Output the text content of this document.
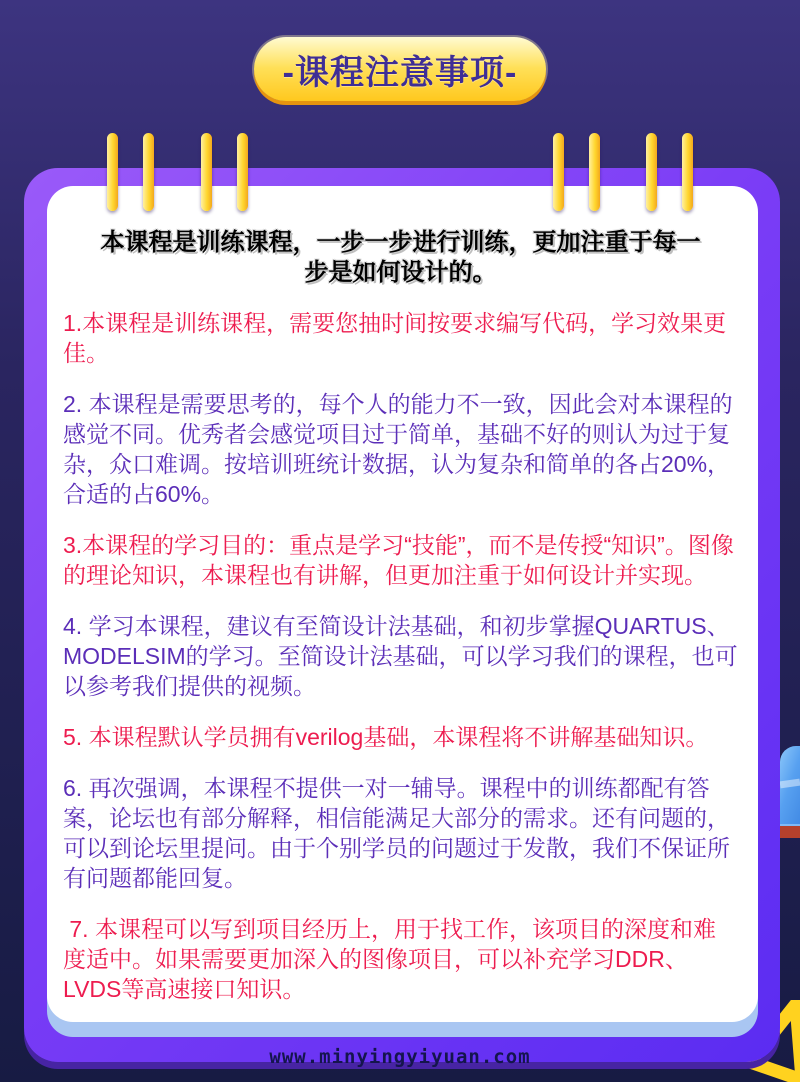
-课程注意事项-
本课程是训练课程，一步一步进行训练，更加注重于每一步是如何设计的。
1.本课程是训练课程，需要您抽时间按要求编写代码，学习效果更佳。
2. 本课程是需要思考的，每个人的能力不一致，因此会对本课程的感觉不同。优秀者会感觉项目过于简单，基础不好的则认为过于复杂，众口难调。按培训班统计数据，认为复杂和简单的各占20%，合适的占60%。
3.本课程的学习目的：重点是学习“技能”，而不是传授“知识”。图像的理论知识，本课程也有讲解，但更加注重于如何设计并实现。
4. 学习本课程，建议有至简设计法基础，和初步掌握QUARTUS、MODELSIM的学习。至简设计法基础，可以学习我们的课程，也可以参考我们提供的视频。
5. 本课程默认学员拥有verilog基础，本课程将不讲解基础知识。
6. 再次强调，本课程不提供一对一辅导。课程中的训练都配有答案，论坛也有部分解释，相信能满足大部分的需求。还有问题的，可以到论坛里提问。由于个别学员的问题过于发散，我们不保证所有问题都能回复。
7. 本课程可以写到项目经历上，用于找工作，该项目的深度和难度适中。如果需要更加深入的图像项目，可以补充学习DDR、LVDS等高速接口知识。
www.minyingyiyuan.com
